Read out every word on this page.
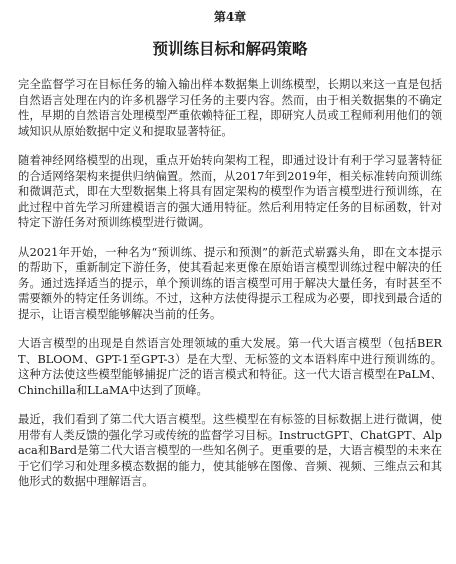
第4章
预训练目标和解码策略

完全监督学习在目标任务的输入输出样本数据集上训练模型，长期以来这一直是包括自然语言处理在内的许多机器学习任务的主要内容。然而，由于相关数据集的不确定性，早期的自然语言处理模型严重依赖特征工程，即研究人员或工程师利用他们的领域知识从原始数据中定义和提取显著特征。

随着神经网络模型的出现，重点开始转向架构工程，即通过设计有利于学习显著特征的合适网络架构来提供归纳偏置。然而，从2017年到2019年，相关标准转向预训练和微调范式，即在大型数据集上将具有固定架构的模型作为语言模型进行预训练，在此过程中首先学习所建模语言的强大通用特征。然后利用特定任务的目标函数，针对特定下游任务对预训练模型进行微调。

从2021年开始，一种名为“预训练、提示和预测”的新范式崭露头角，即在文本提示的帮助下，重新制定下游任务，使其看起来更像在原始语言模型训练过程中解决的任务。通过选择适当的提示，单个预训练的语言模型可用于解决大量任务，有时甚至不需要额外的特定任务训练。不过，这种方法使得提示工程成为必要，即找到最合适的提示，让语言模型能够解决当前的任务。

大语言模型的出现是自然语言处理领域的重大发展。第一代大语言模型（包括BERT、BLOOM、GPT-1至GPT-3）是在大型、无标签的文本语料库中进行预训练的。这种方法使这些模型能够捕捉广泛的语言模式和特征。这一代大语言模型在PaLM、Chinchilla和LLaMA中达到了顶峰。

最近，我们看到了第二代大语言模型。这些模型在有标签的目标数据上进行微调，使用带有人类反馈的强化学习或传统的监督学习目标。InstructGPT、ChatGPT、Alpaca和Bard是第二代大语言模型的一些知名例子。更重要的是，大语言模型的未来在于它们学习和处理多模态数据的能力，使其能够在图像、音频、视频、三维点云和其他形式的数据中理解语言。
